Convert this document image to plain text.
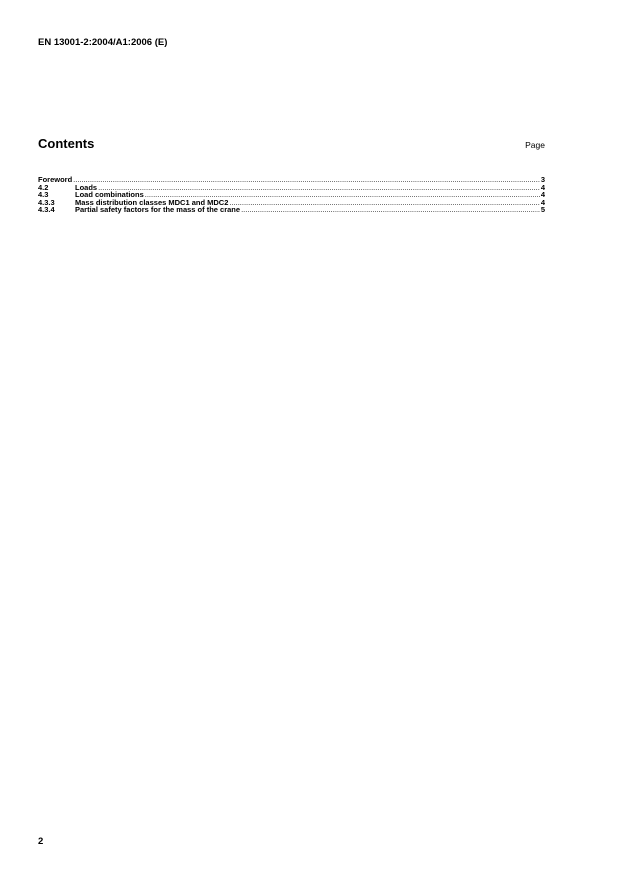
EN 13001-2:2004/A1:2006 (E)
Contents	Page
Foreword .....	3
4.2	Loads .....	4
4.3	Load combinations .....	4
4.3.3	Mass distribution classes MDC1 and MDC2 .....	4
4.3.4	Partial safety factors for the mass of the crane .....	5
2
